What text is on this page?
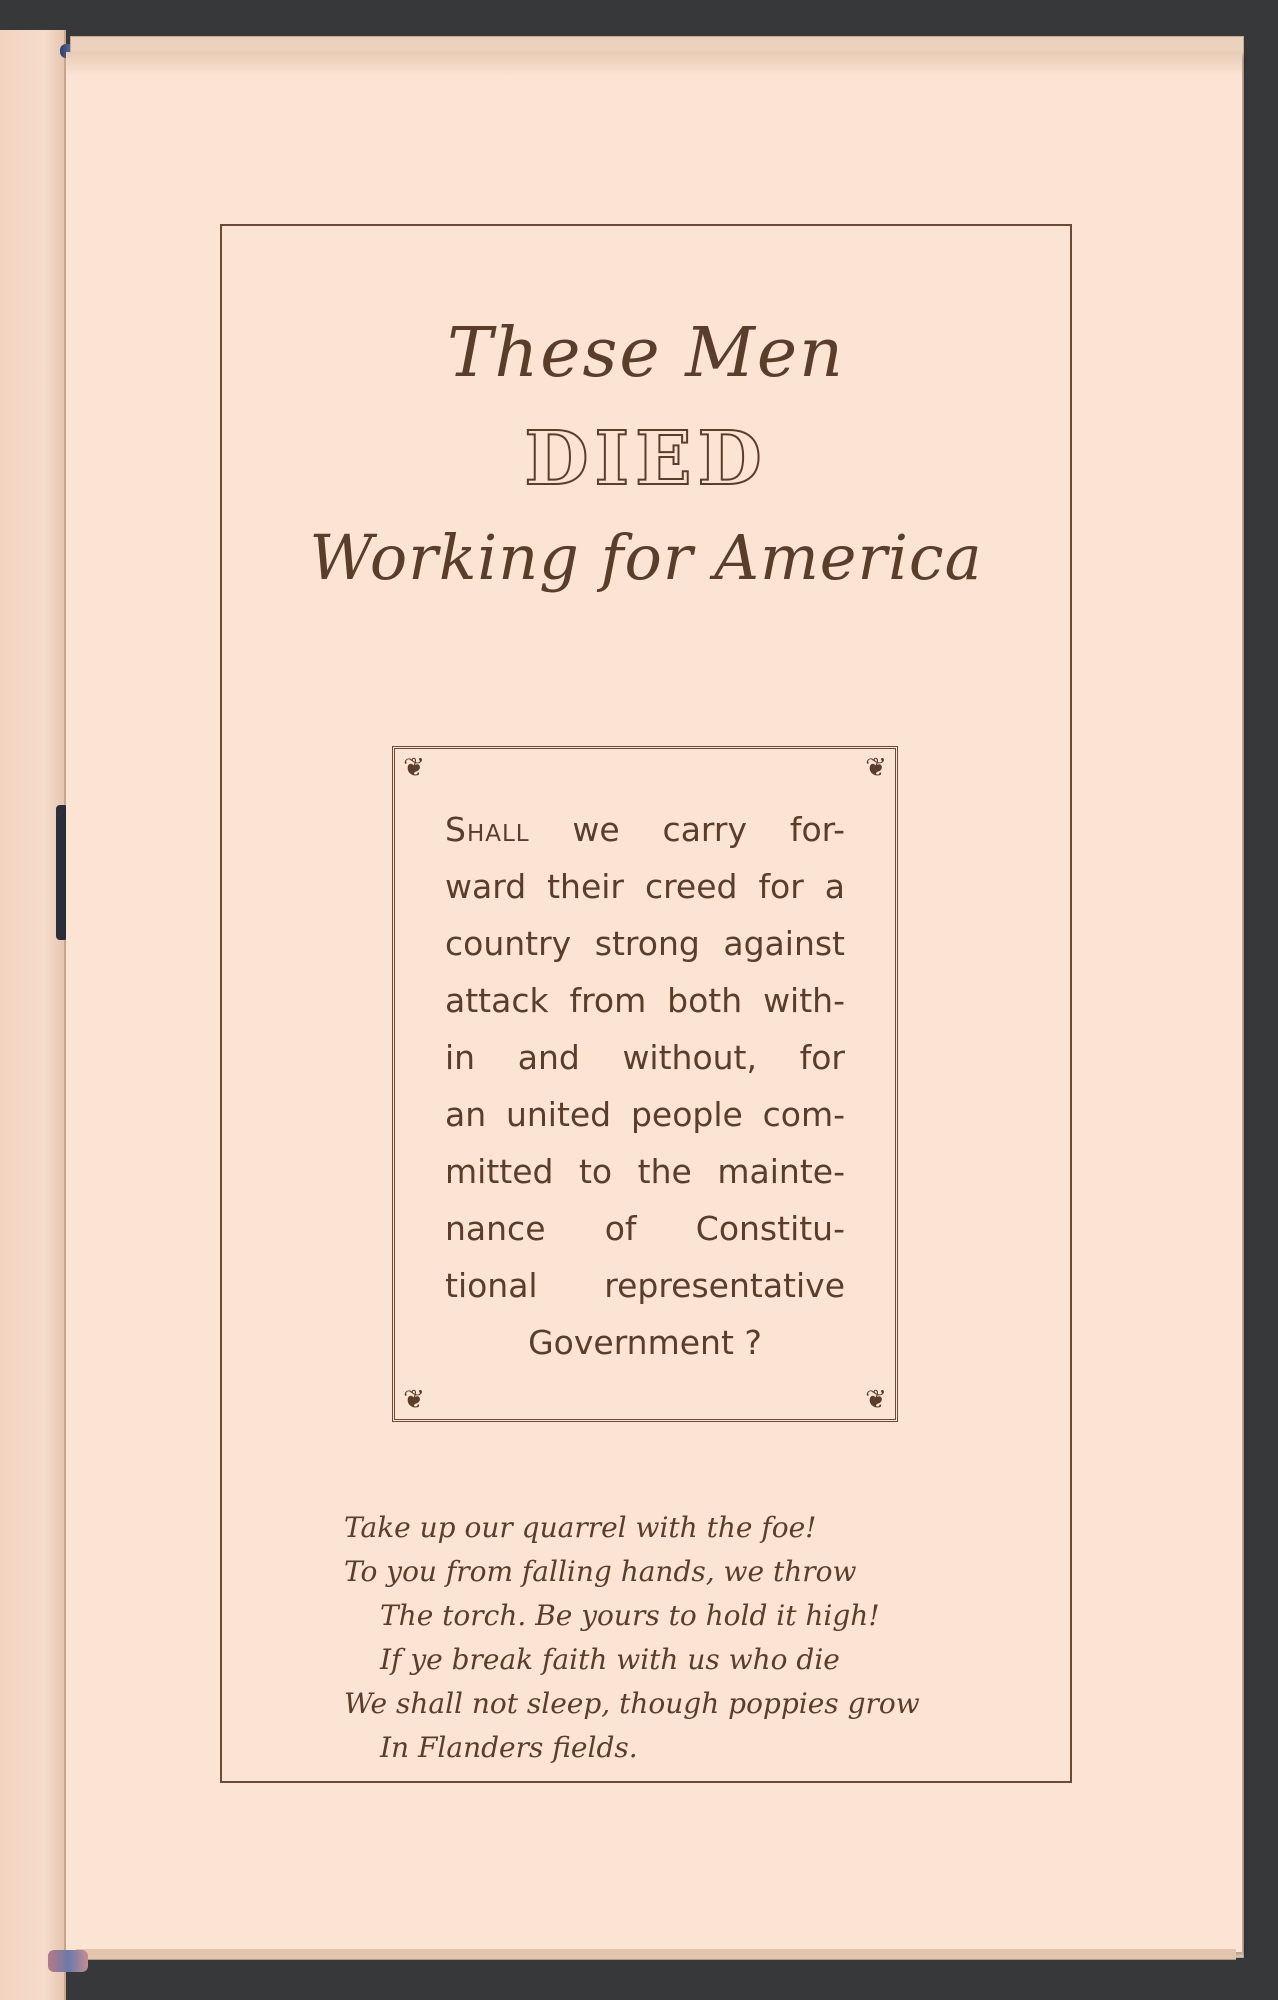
These Men
DIED
Working for America
❦	❦
❦	❦
Shall we carry for-
ward their creed for a
country strong against
attack from both with-
in and without, for
an united people com-
mitted to the mainte-
nance of Constitu-
tional representative
Government ?
Take up our quarrel with the foe!
To you from falling hands, we throw
The torch. Be yours to hold it high!
If ye break faith with us who die
We shall not sleep, though poppies grow
In Flanders fields.
